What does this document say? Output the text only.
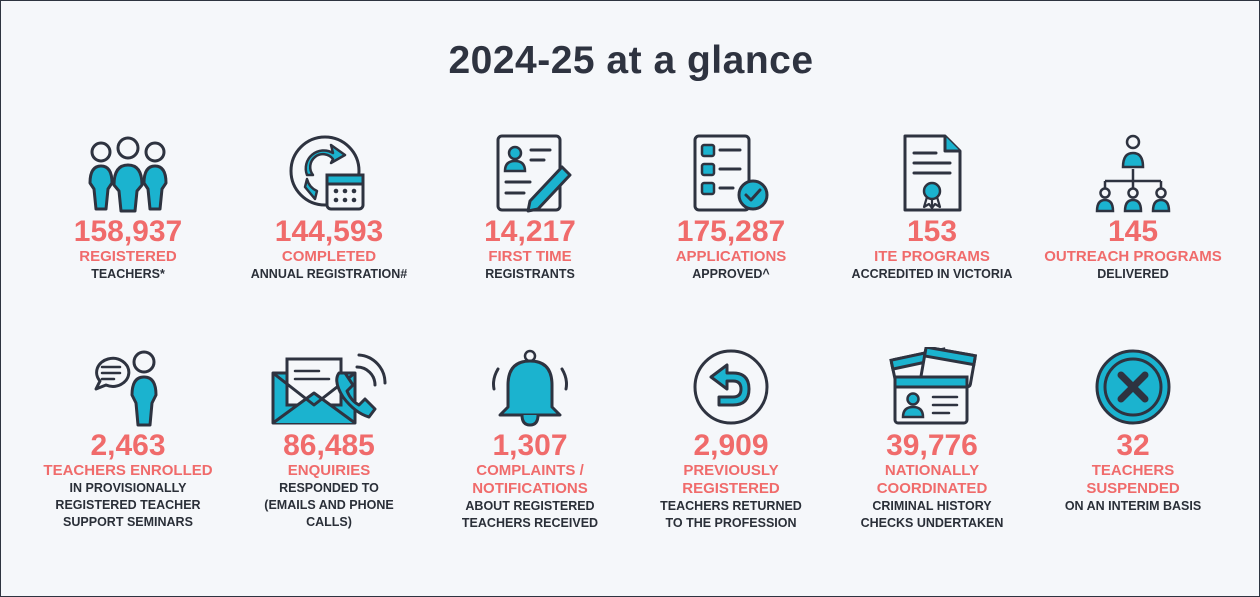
2024-25 at a glance
158,937
REGISTERED
TEACHERS*
144,593
COMPLETED
ANNUAL REGISTRATION#
14,217
FIRST TIME
REGISTRANTS
175,287
APPLICATIONS
APPROVED^
153
ITE PROGRAMS
ACCREDITED IN VICTORIA
145
OUTREACH PROGRAMS
DELIVERED
2,463
TEACHERS ENROLLED
IN PROVISIONALLY
REGISTERED TEACHER
SUPPORT SEMINARS
86,485
ENQUIRIES
RESPONDED TO
(EMAILS AND PHONE
CALLS)
1,307
COMPLAINTS /
NOTIFICATIONS
ABOUT REGISTERED
TEACHERS RECEIVED
2,909
PREVIOUSLY
REGISTERED
TEACHERS RETURNED
TO THE PROFESSION
39,776
NATIONALLY
COORDINATED
CRIMINAL HISTORY
CHECKS UNDERTAKEN
32
TEACHERS
SUSPENDED
ON AN INTERIM BASIS
